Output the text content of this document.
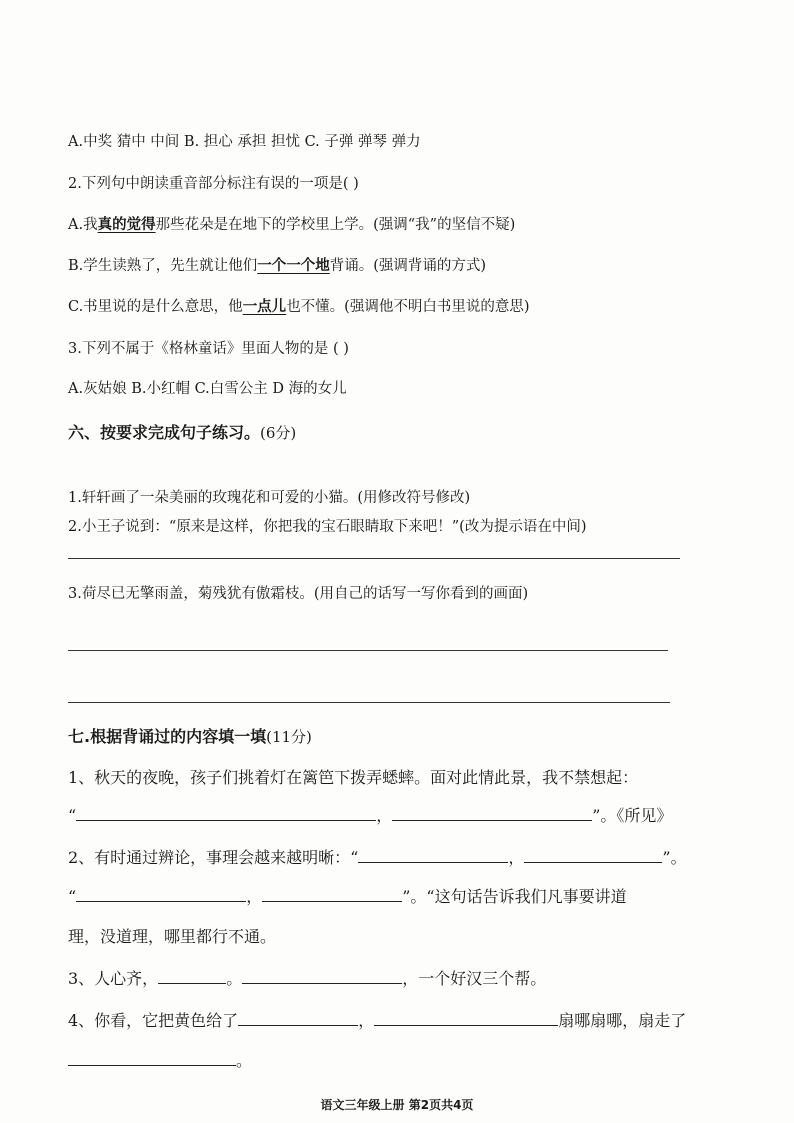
A.中奖 猜中 中间 B. 担心 承担 担忧 C. 子弹 弹琴 弹力
2.下列句中朗读重音部分标注有误的一项是( )
A.我真的觉得那些花朵是在地下的学校里上学。(强调“我”的坚信不疑)
B.学生读熟了，先生就让他们一个一个地背诵。(强调背诵的方式)
C.书里说的是什么意思，他一点儿也不懂。(强调他不明白书里说的意思)
3.下列不属于《格林童话》里面人物的是 ( )
A.灰姑娘 B.小红帽 C.白雪公主 D 海的女儿
六、按要求完成句子练习。(6分)
1.轩轩画了一朵美丽的玫瑰花和可爱的小猫。(用修改符号修改)
2.小王子说到：“原来是这样，你把我的宝石眼睛取下来吧！”(改为提示语在中间)
3.荷尽已无擎雨盖，菊残犹有傲霜枝。(用自己的话写一写你看到的画面)
七.根据背诵过的内容填一填(11分)
1、秋天的夜晚，孩子们挑着灯在篱笆下拨弄蟋蟀。面对此情此景，我不禁想起：
“	，	”。《所见》
2、有时通过辨论，事理会越来越明晰：“	，	”。
“	，	”。“这句话告诉我们凡事要讲道
理，没道理，哪里都行不通。
3、人心齐，	。	，一个好汉三个帮。
4、你看，它把黄色给了	，	扇哪扇哪，扇走了
。
语文三年级上册 第2页共4页
